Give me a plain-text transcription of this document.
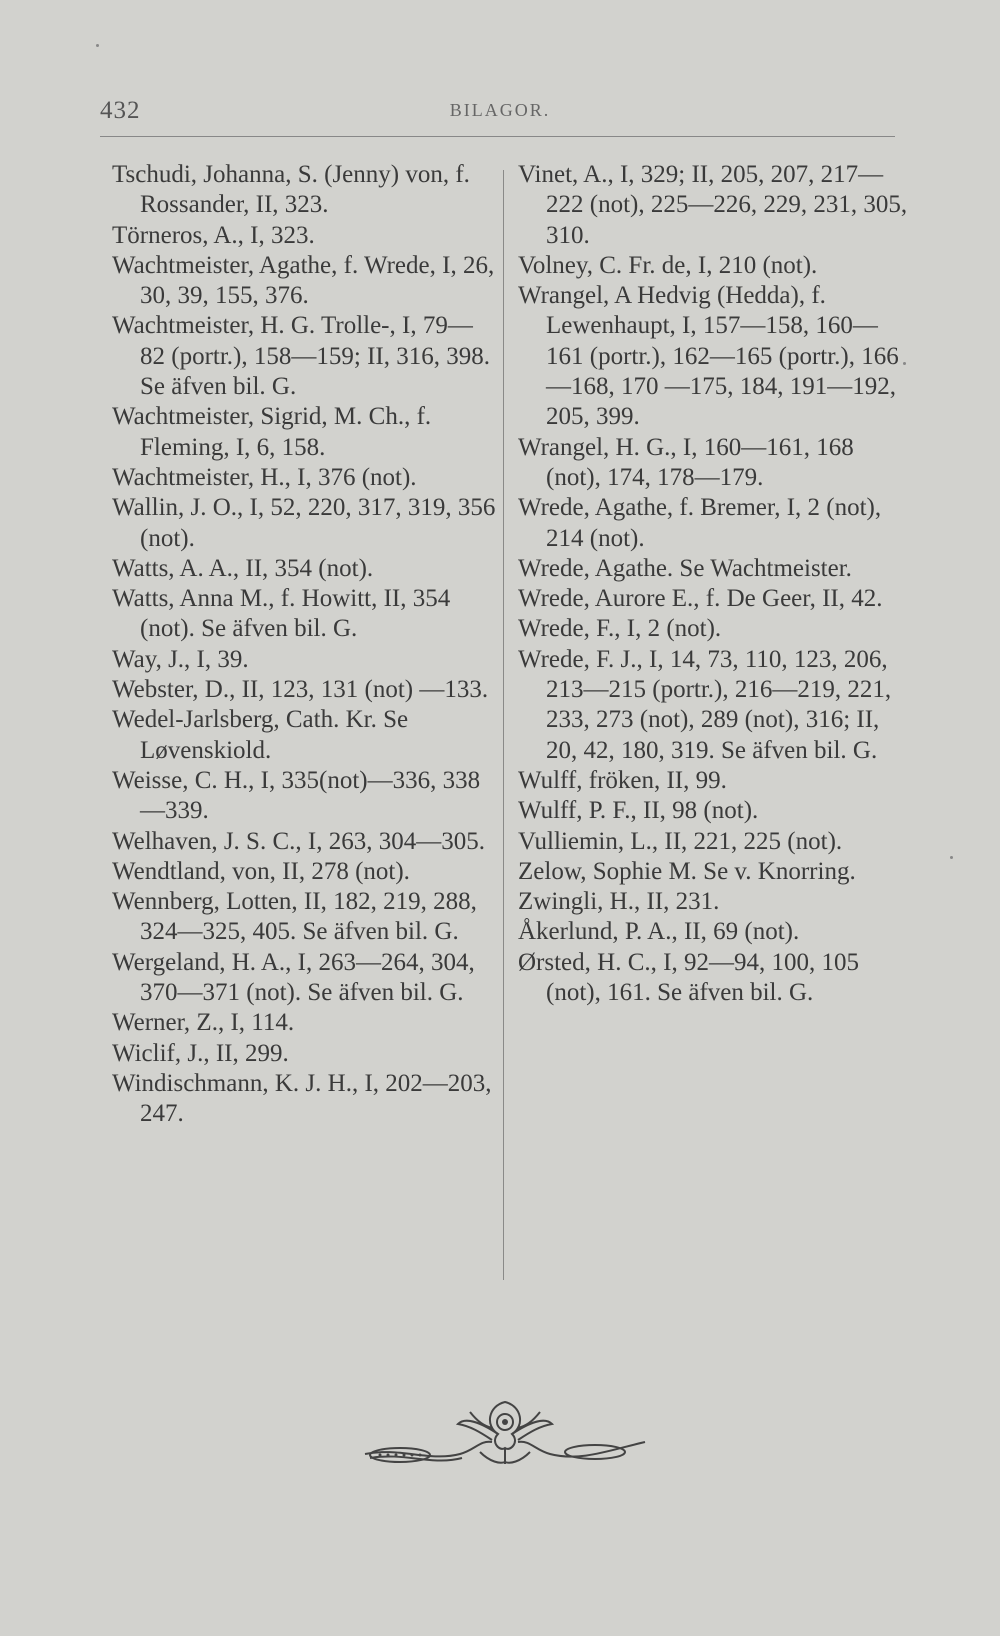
432	BILAGOR.

Tschudi, Johanna, S. (Jenny) von, f. Rossander, II, 323.

Törneros, A., I, 323.

Wachtmeister, Agathe, f. Wrede, I, 26, 30, 39, 155, 376.

Wachtmeister, H. G. Trolle-, I, 79—82 (portr.), 158—159; II, 316, 398. Se äfven bil. G.

Wachtmeister, Sigrid, M. Ch., f. Fleming, I, 6, 158.

Wachtmeister, H., I, 376 (not).

Wallin, J. O., I, 52, 220, 317, 319, 356 (not).

Watts, A. A., II, 354 (not).

Watts, Anna M., f. Howitt, II, 354 (not). Se äfven bil. G.

Way, J., I, 39.

Webster, D., II, 123, 131 (not) —133.

Wedel-Jarlsberg, Cath. Kr. Se Løvenskiold.

Weisse, C. H., I, 335(not)—336, 338—339.

Welhaven, J. S. C., I, 263, 304—305.

Wendtland, von, II, 278 (not).

Wennberg, Lotten, II, 182, 219, 288, 324—325, 405. Se äfven bil. G.

Wergeland, H. A., I, 263—264, 304, 370—371 (not). Se äfven bil. G.

Werner, Z., I, 114.

Wiclif, J., II, 299.

Windischmann, K. J. H., I, 202—203, 247.

Vinet, A., I, 329; II, 205, 207, 217—222 (not), 225—226, 229, 231, 305, 310.

Volney, C. Fr. de, I, 210 (not).

Wrangel, A Hedvig (Hedda), f. Lewenhaupt, I, 157—158, 160—161 (portr.), 162—165 (portr.), 166—168, 170 —175, 184, 191—192, 205, 399.

Wrangel, H. G., I, 160—161, 168 (not), 174, 178—179.

Wrede, Agathe, f. Bremer, I, 2 (not), 214 (not).

Wrede, Agathe. Se Wachtmeister.

Wrede, Aurore E., f. De Geer, II, 42.

Wrede, F., I, 2 (not).

Wrede, F. J., I, 14, 73, 110, 123, 206, 213—215 (portr.), 216—219, 221, 233, 273 (not), 289 (not), 316; II, 20, 42, 180, 319. Se äfven bil. G.

Wulff, fröken, II, 99.

Wulff, P. F., II, 98 (not).

Vulliemin, L., II, 221, 225 (not).

Zelow, Sophie M. Se v. Knorring.

Zwingli, H., II, 231.

Åkerlund, P. A., II, 69 (not).

Ørsted, H. C., I, 92—94, 100, 105 (not), 161. Se äfven bil. G.
